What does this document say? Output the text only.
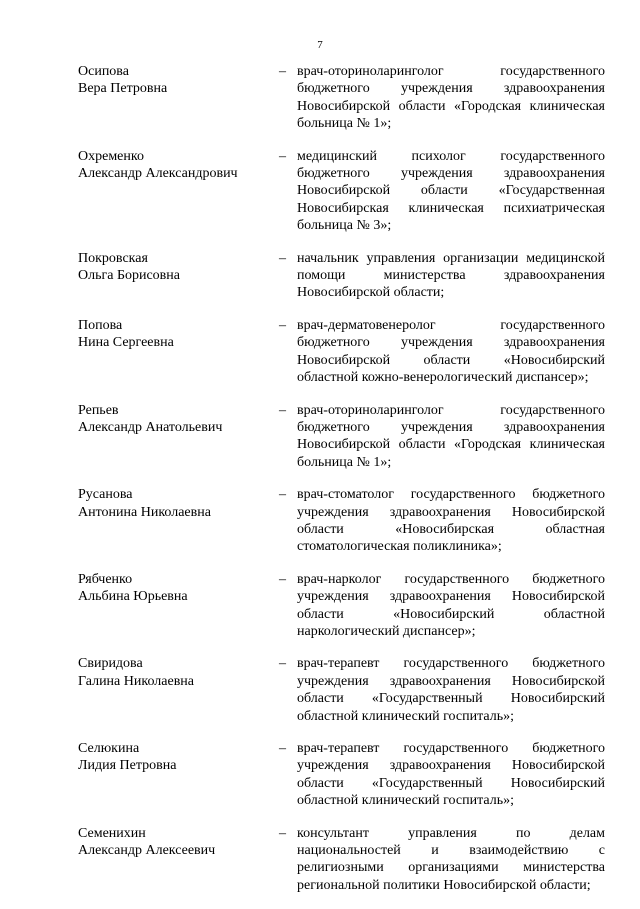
7
Осипова
Вера Петровна
– врач-оториноларинголог государственного бюджетного учреждения здравоохранения Новосибирской области «Городская клиническая больница № 1»;
Охременко
Александр Александрович
– медицинский психолог государственного бюджетного учреждения здравоохранения Новосибирской области «Государственная Новосибирская клиническая психиатрическая больница № 3»;
Покровская
Ольга Борисовна
– начальник управления организации медицинской помощи министерства здравоохранения Новосибирской области;
Попова
Нина Сергеевна
– врач-дерматовенеролог государственного бюджетного учреждения здравоохранения Новосибирской области «Новосибирский областной кожно-венерологический диспансер»;
Репьев
Александр Анатольевич
– врач-оториноларинголог государственного бюджетного учреждения здравоохранения Новосибирской области «Городская клиническая больница № 1»;
Русанова
Антонина Николаевна
– врач-стоматолог государственного бюджетного учреждения здравоохранения Новосибирской области «Новосибирская областная стоматологическая поликлиника»;
Рябченко
Альбина Юрьевна
– врач-нарколог государственного бюджетного учреждения здравоохранения Новосибирской области «Новосибирский областной наркологический диспансер»;
Свиридова
Галина Николаевна
– врач-терапевт государственного бюджетного учреждения здравоохранения Новосибирской области «Государственный Новосибирский областной клинический госпиталь»;
Селюкина
Лидия Петровна
– врач-терапевт государственного бюджетного учреждения здравоохранения Новосибирской области «Государственный Новосибирский областной клинический госпиталь»;
Семенихин
Александр Алексеевич
– консультант управления по делам национальностей и взаимодействию с религиозными организациями министерства региональной политики Новосибирской области;
